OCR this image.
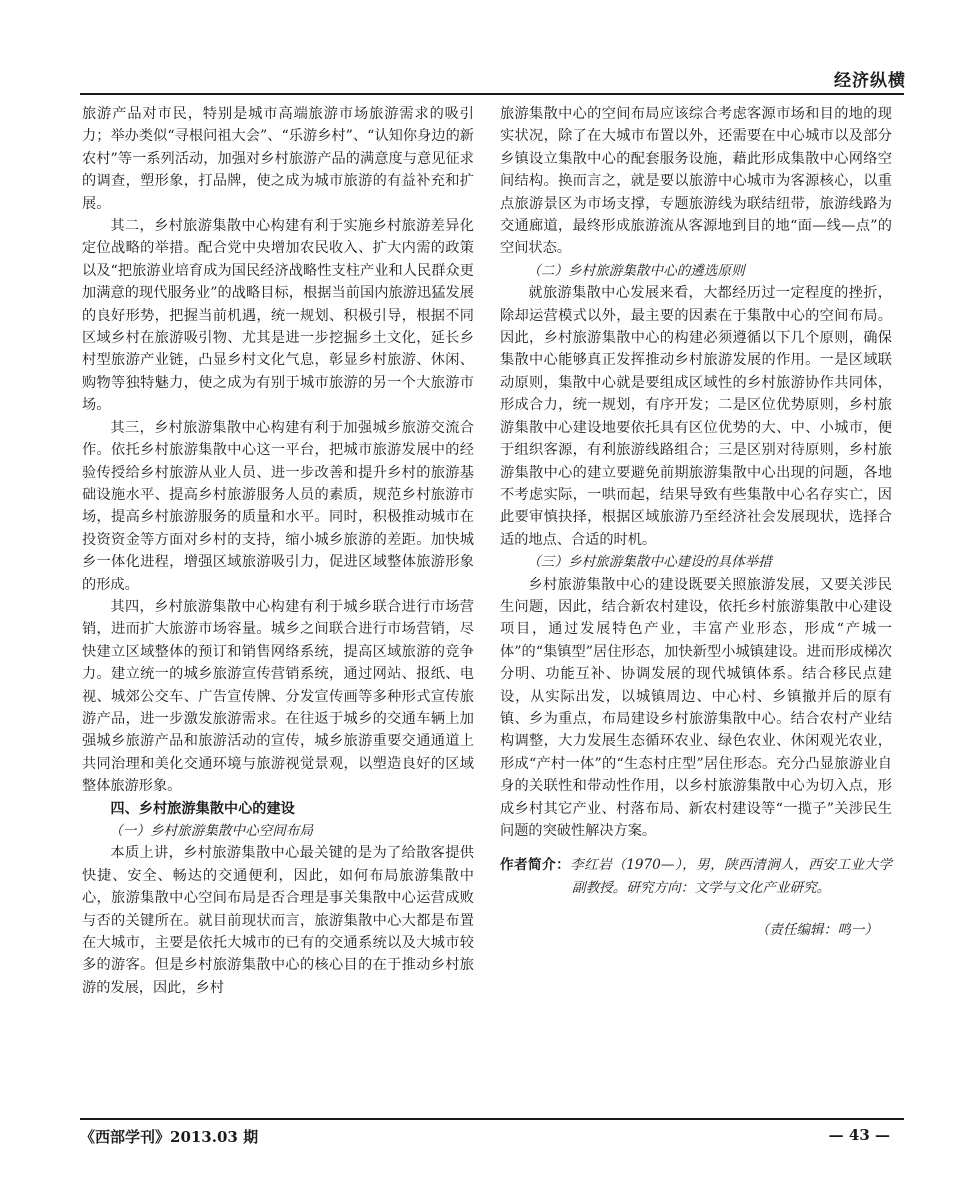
经济纵横

旅游产品对市民，特别是城市高端旅游市场旅游需求的吸引力；举办类似“寻根问祖大会”、“乐游乡村”、“认知你身边的新农村”等一系列活动，加强对乡村旅游产品的满意度与意见征求的调查，塑形象，打品牌，使之成为城市旅游的有益补充和扩展。

其二，乡村旅游集散中心构建有利于实施乡村旅游差异化定位战略的举措。配合党中央增加农民收入、扩大内需的政策以及“把旅游业培育成为国民经济战略性支柱产业和人民群众更加满意的现代服务业”的战略目标，根据当前国内旅游迅猛发展的良好形势，把握当前机遇，统一规划、积极引导，根据不同区域乡村在旅游吸引物、尤其是进一步挖掘乡土文化，延长乡村型旅游产业链，凸显乡村文化气息，彰显乡村旅游、休闲、购物等独特魅力，使之成为有别于城市旅游的另一个大旅游市场。

其三，乡村旅游集散中心构建有利于加强城乡旅游交流合作。依托乡村旅游集散中心这一平台，把城市旅游发展中的经验传授给乡村旅游从业人员、进一步改善和提升乡村的旅游基础设施水平、提高乡村旅游服务人员的素质，规范乡村旅游市场，提高乡村旅游服务的质量和水平。同时，积极推动城市在投资资金等方面对乡村的支持，缩小城乡旅游的差距。加快城乡一体化进程，增强区域旅游吸引力，促进区域整体旅游形象的形成。

其四，乡村旅游集散中心构建有利于城乡联合进行市场营销，进而扩大旅游市场容量。城乡之间联合进行市场营销，尽快建立区域整体的预订和销售网络系统，提高区域旅游的竞争力。建立统一的城乡旅游宣传营销系统，通过网站、报纸、电视、城郊公交车、广告宣传牌、分发宣传画等多种形式宣传旅游产品，进一步激发旅游需求。在往返于城乡的交通车辆上加强城乡旅游产品和旅游活动的宣传，城乡旅游重要交通通道上共同治理和美化交通环境与旅游视觉景观，以塑造良好的区域整体旅游形象。

四、乡村旅游集散中心的建设

（一）乡村旅游集散中心空间布局

本质上讲，乡村旅游集散中心最关键的是为了给散客提供快捷、安全、畅达的交通便利，因此，如何布局旅游集散中心，旅游集散中心空间布局是否合理是事关集散中心运营成败与否的关键所在。就目前现状而言，旅游集散中心大都是布置在大城市，主要是依托大城市的已有的交通系统以及大城市较多的游客。但是乡村旅游集散中心的核心目的在于推动乡村旅游的发展，因此，乡村

旅游集散中心的空间布局应该综合考虑客源市场和目的地的现实状况，除了在大城市布置以外，还需要在中心城市以及部分乡镇设立集散中心的配套服务设施，藉此形成集散中心网络空间结构。换而言之，就是要以旅游中心城市为客源核心，以重点旅游景区为市场支撑，专题旅游线为联结纽带，旅游线路为交通廊道，最终形成旅游流从客源地到目的地“面—线—点”的空间状态。

（二）乡村旅游集散中心的遴选原则

就旅游集散中心发展来看，大都经历过一定程度的挫折，除却运营模式以外，最主要的因素在于集散中心的空间布局。因此，乡村旅游集散中心的构建必须遵循以下几个原则，确保集散中心能够真正发挥推动乡村旅游发展的作用。一是区域联动原则，集散中心就是要组成区域性的乡村旅游协作共同体，形成合力，统一规划，有序开发；二是区位优势原则，乡村旅游集散中心建设地要依托具有区位优势的大、中、小城市，便于组织客源，有利旅游线路组合；三是区别对待原则，乡村旅游集散中心的建立要避免前期旅游集散中心出现的问题，各地不考虑实际，一哄而起，结果导致有些集散中心名存实亡，因此要审慎抉择，根据区域旅游乃至经济社会发展现状，选择合适的地点、合适的时机。

（三）乡村旅游集散中心建设的具体举措

乡村旅游集散中心的建设既要关照旅游发展，又要关涉民生问题，因此，结合新农村建设，依托乡村旅游集散中心建设项目，通过发展特色产业，丰富产业形态，形成“产城一体”的“集镇型”居住形态，加快新型小城镇建设。进而形成梯次分明、功能互补、协调发展的现代城镇体系。结合移民点建设，从实际出发，以城镇周边、中心村、乡镇撤并后的原有镇、乡为重点，布局建设乡村旅游集散中心。结合农村产业结构调整，大力发展生态循环农业、绿色农业、休闲观光农业，形成“产村一体”的“生态村庄型”居住形态。充分凸显旅游业自身的关联性和带动性作用，以乡村旅游集散中心为切入点，形成乡村其它产业、村落布局、新农村建设等“一揽子”关涉民生问题的突破性解决方案。

作者简介：李红岩（1970—），男，陕西清涧人，西安工业大学副教授。研究方向：文学与文化产业研究。

（责任编辑：鸣一）

《西部学刊》2013.03 期	— 43 —
